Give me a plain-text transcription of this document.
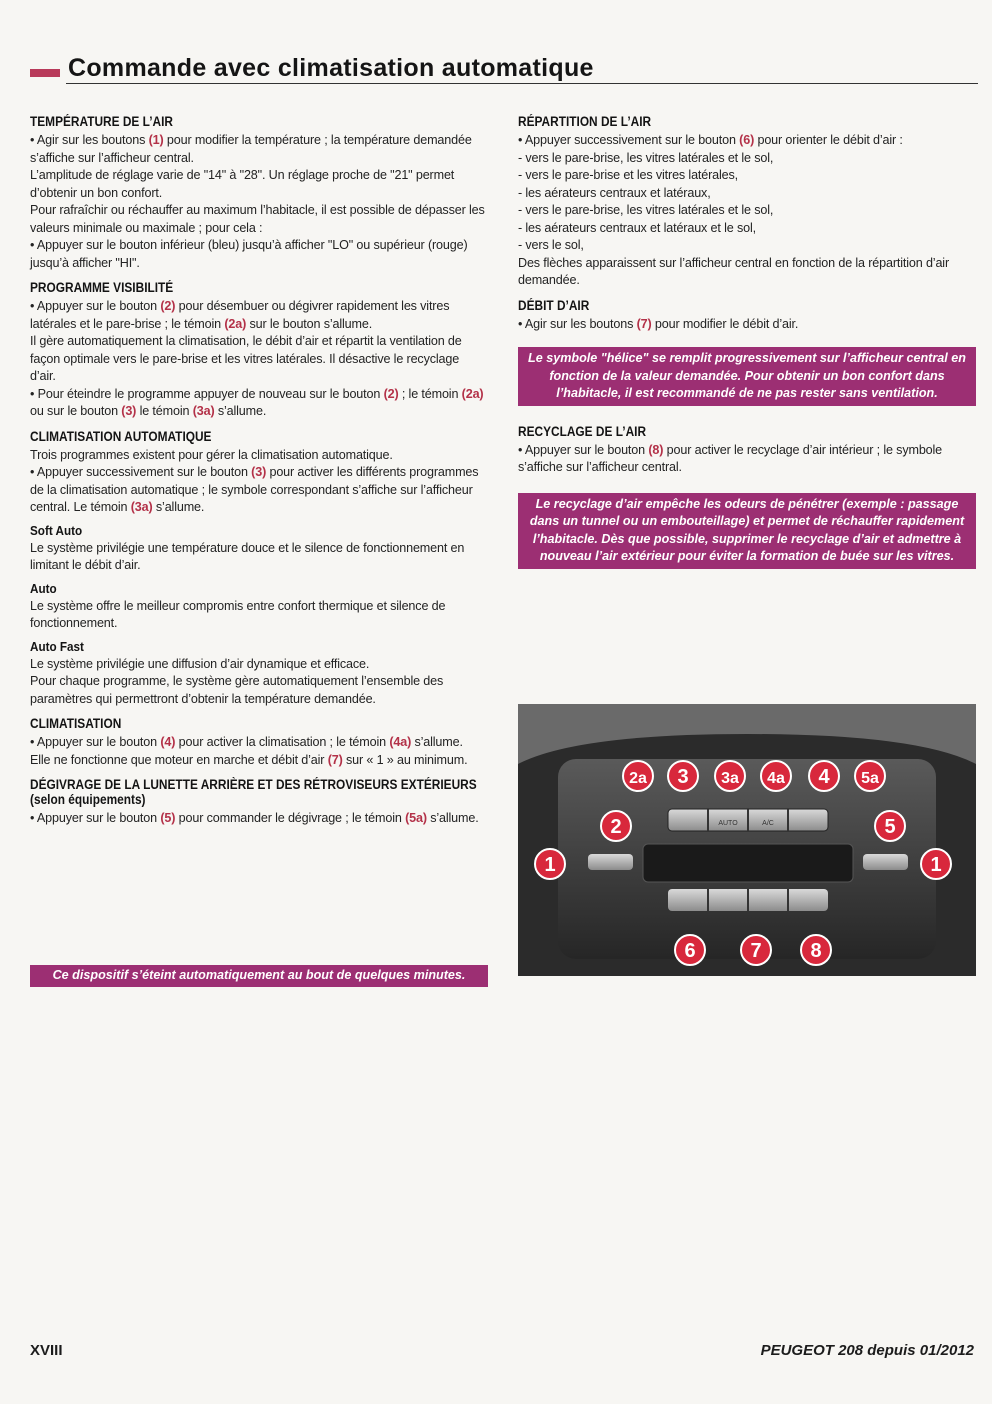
Commande avec climatisation automatique
TEMPÉRATURE DE L’AIR

• Agir sur les boutons (1) pour modifier la température ; la température demandée s’affiche sur l’afficheur central.

L’amplitude de réglage varie de "14" à "28". Un réglage proche de "21" permet d’obtenir un bon confort.

Pour rafraîchir ou réchauffer au maximum l’habitacle, il est possible de dépasser les valeurs minimale ou maximale ; pour cela :

• Appuyer sur le bouton inférieur (bleu) jusqu’à afficher "LO" ou supérieur (rouge) jusqu’à afficher "HI".

PROGRAMME VISIBILITÉ

• Appuyer sur le bouton (2) pour désembuer ou dégivrer rapidement les vitres latérales et le pare-brise ; le témoin (2a) sur le bouton s’allume.

Il gère automatiquement la climatisation, le débit d’air et répartit la ventilation de façon optimale vers le pare-brise et les vitres latérales. Il désactive le recyclage d’air.

• Pour éteindre le programme appuyer de nouveau sur le bouton (2) ; le témoin (2a) ou sur le bouton (3) le témoin (3a) s’allume.

CLIMATISATION AUTOMATIQUE

Trois programmes existent pour gérer la climatisation automatique.

• Appuyer successivement sur le bouton (3) pour activer les différents programmes de la climatisation automatique ; le symbole correspondant s’affiche sur l’afficheur central. Le témoin (3a) s’allume.

Soft Auto

Le système privilégie une température douce et le silence de fonctionnement en limitant le débit d’air.

Auto

Le système offre le meilleur compromis entre confort thermique et silence de fonctionnement.

Auto Fast

Le système privilégie une diffusion d’air dynamique et efficace.

Pour chaque programme, le système gère automatiquement l’ensemble des paramètres qui permettront d’obtenir la température demandée.

CLIMATISATION

• Appuyer sur le bouton (4) pour activer la climatisation ; le témoin (4a) s’allume.

Elle ne fonctionne que moteur en marche et débit d’air (7) sur « 1 » au minimum.

DÉGIVRAGE DE LA LUNETTE ARRIÈRE ET DES RÉTROVISEURS EXTÉRIEURS (selon équipements)

• Appuyer sur le bouton (5) pour commander le dégivrage ; le témoin (5a) s’allume.

Ce dispositif s’éteint automatiquement au bout de quelques minutes.
RÉPARTITION DE L’AIR

• Appuyer successivement sur le bouton (6) pour orienter le débit d’air :

- vers le pare-brise, les vitres latérales et le sol,

- vers le pare-brise et les vitres latérales,

- les aérateurs centraux et latéraux,

- vers le pare-brise, les vitres latérales et le sol,

- les aérateurs centraux et latéraux et le sol,

- vers le sol,

Des flèches apparaissent sur l’afficheur central en fonction de la répartition d’air demandée.

DÉBIT D’AIR

• Agir sur les boutons (7) pour modifier le débit d’air.

Le symbole "hélice" se remplit progressivement sur l’afficheur central en fonction de la valeur demandée. Pour obtenir un bon confort dans l’habitacle, il est recommandé de ne pas rester sans ventilation.
RECYCLAGE DE L’AIR

• Appuyer sur le bouton (8) pour activer le recyclage d’air intérieur ; le symbole s’affiche sur l’afficheur central.

Le recyclage d’air empêche les odeurs de pénétrer (exemple : passage dans un tunnel ou un embouteillage) et permet de réchauffer rapidement l’habitacle. Dès que possible, supprimer le recyclage d’air et admettre à nouveau l’air extérieur pour éviter la formation de buée sur les vitres.
AUTO	A/C
1	1
2
2a 3 3a 4a 4 5a
5
6	7 8
XVIII	PEUGEOT 208 depuis 01/2012
